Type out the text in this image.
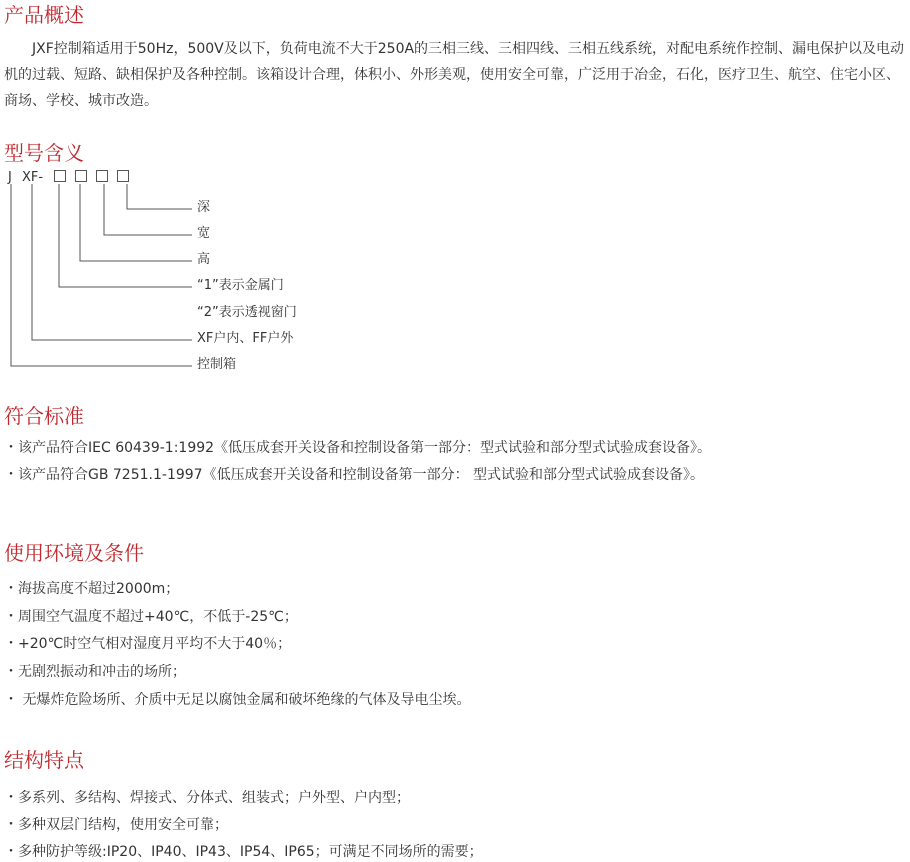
产品概述

JXF控制箱适用于50Hz，500V及以下，负荷电流不大于250A的三相三线、三相四线、三相五线系统，对配电系统作控制、漏电保护以及电动机的过载、短路、缺相保护及各种控制。该箱设计合理，体积小、外形美观，使用安全可靠，广泛用于冶金，石化，医疗卫生、航空、住宅小区、商场、学校、城市改造。

型号含义
J XF-
深
宽
高
“1”表示金属门
“2”表示透视窗门
XF户内、FF户外
控制箱
符合标准

・该产品符合IEC 60439-1:1992《低压成套开关设备和控制设备第一部分：型式试验和部分型式试验成套设备》。

・该产品符合GB 7251.1-1997《低压成套开关设备和控制设备第一部分： 型式试验和部分型式试验成套设备》。

使用环境及条件

・海拔高度不超过2000m；

・周围空气温度不超过+40℃，不低于-25℃；

・+20℃时空气相对湿度月平均不大于40％；

・无剧烈振动和冲击的场所；

・ 无爆炸危险场所、介质中无足以腐蚀金属和破坏绝缘的气体及导电尘埃。

结构特点

・多系列、多结构、焊接式、分体式、组装式；户外型、户内型；

・多种双层门结构，使用安全可靠；

・多种防护等级:IP20、IP40、IP43、IP54、IP65；可满足不同场所的需要；
